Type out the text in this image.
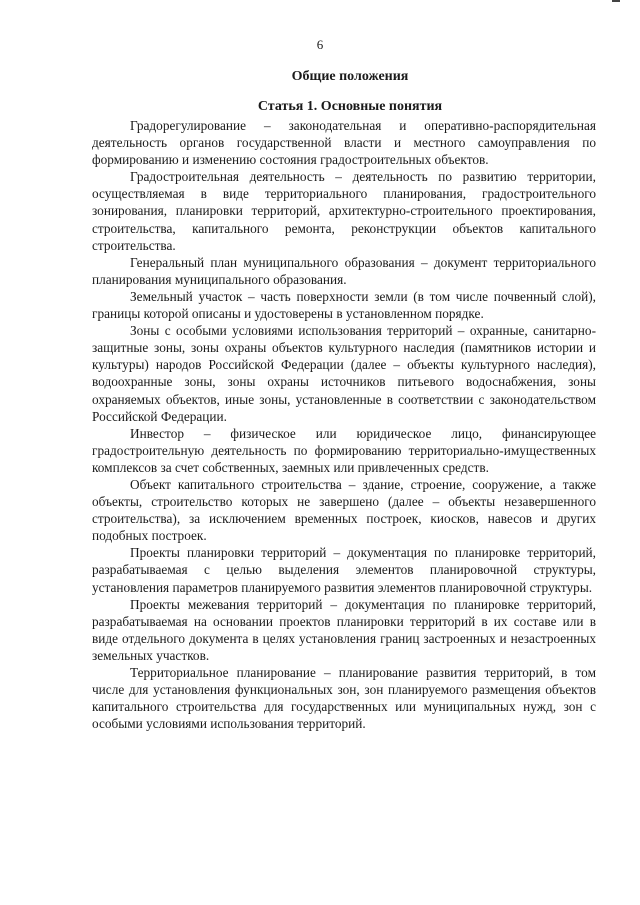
6
Общие положения
Статья 1. Основные понятия

Градорегулирование – законодательная и оперативно-распорядительная деятельность органов государственной власти и местного самоуправления по формированию и изменению состояния градостроительных объектов.

Градостроительная деятельность – деятельность по развитию территории, осуществляемая в виде территориального планирования, градостроительного зонирования, планировки территорий, архитектурно-строительного проектирования, строительства, капитального ремонта, реконструкции объектов капитального строительства.

Генеральный план муниципального образования – документ территориального планирования муниципального образования.

Земельный участок – часть поверхности земли (в том числе почвенный слой), границы которой описаны и удостоверены в установленном порядке.

Зоны с особыми условиями использования территорий – охранные, санитарно-защитные зоны, зоны охраны объектов культурного наследия (памятников истории и культуры) народов Российской Федерации (далее – объекты культурного наследия), водоохранные зоны, зоны охраны источников питьевого водоснабжения, зоны охраняемых объектов, иные зоны, установленные в соответствии с законодательством Российской Федерации.

Инвестор – физическое или юридическое лицо, финансирующее градостроительную деятельность по формированию территориально-имущественных комплексов за счет собственных, заемных или привлеченных средств.

Объект капитального строительства – здание, строение, сооружение, а также объекты, строительство которых не завершено (далее – объекты незавершенного строительства), за исключением временных построек, киосков, навесов и других подобных построек.

Проекты планировки территорий – документация по планировке территорий, разрабатываемая с целью выделения элементов планировочной структуры, установления параметров планируемого развития элементов планировочной структуры.

Проекты межевания территорий – документация по планировке территорий, разрабатываемая на основании проектов планировки территорий в их составе или в виде отдельного документа в целях установления границ застроенных и незастроенных земельных участков.

Территориальное планирование – планирование развития территорий, в том числе для установления функциональных зон, зон планируемого размещения объектов капитального строительства для государственных или муниципальных нужд, зон с особыми условиями использования территорий.
